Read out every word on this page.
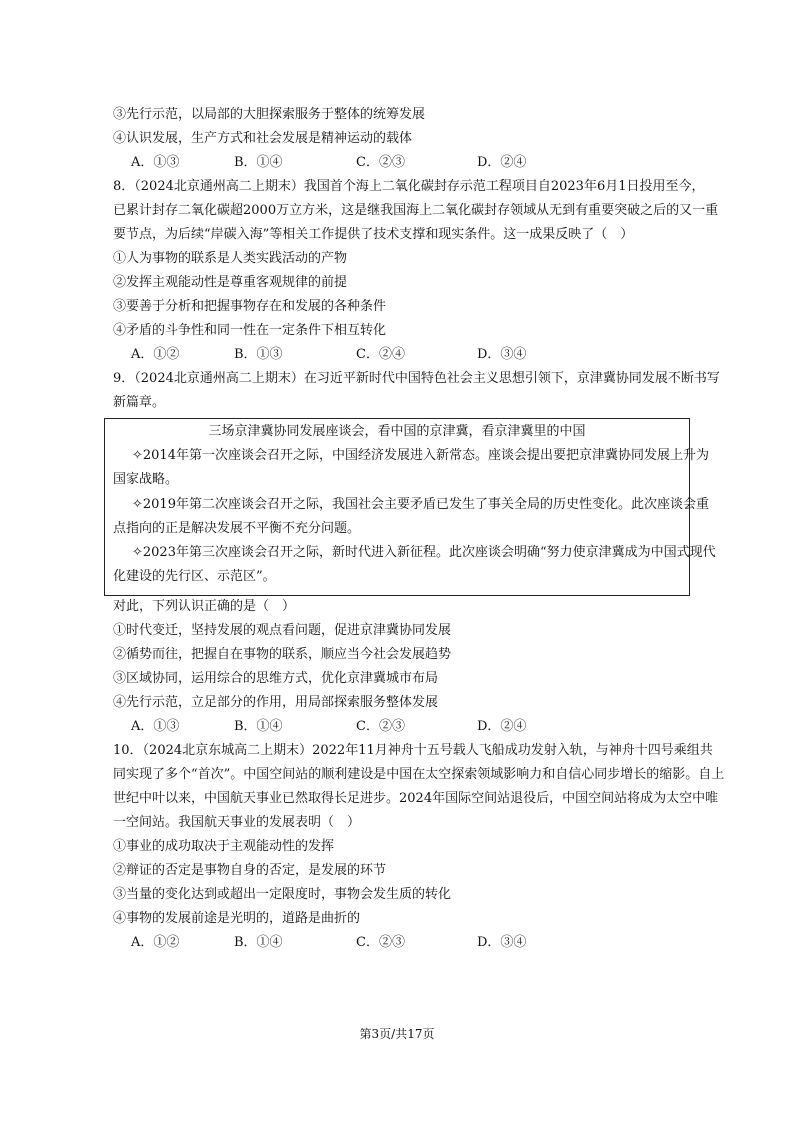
③先行示范，以局部的大胆探索服务于整体的统筹发展
④认识发展，生产方式和社会发展是精神运动的载体
A．①③	B．①④	C．②③	D．②④
8．（2024北京通州高二上期末）我国首个海上二氧化碳封存示范工程项目自2023年6月1日投用至今，
已累计封存二氧化碳超2000万立方米，这是继我国海上二氧化碳封存领域从无到有重要突破之后的又一重
要节点，为后续“岸碳入海”等相关工作提供了技术支撑和现实条件。这一成果反映了（　）
①人为事物的联系是人类实践活动的产物
②发挥主观能动性是尊重客观规律的前提
③要善于分析和把握事物存在和发展的各种条件
④矛盾的斗争性和同一性在一定条件下相互转化
A．①②	B．①③	C．②④	D．③④
9．（2024北京通州高二上期末）在习近平新时代中国特色社会主义思想引领下，京津冀协同发展不断书写
新篇章。
三场京津冀协同发展座谈会，看中国的京津冀，看京津冀里的中国
✧2014年第一次座谈会召开之际，中国经济发展进入新常态。座谈会提出要把京津冀协同发展上升为
国家战略。
✧2019年第二次座谈会召开之际，我国社会主要矛盾已发生了事关全局的历史性变化。此次座谈会重
点指向的正是解决发展不平衡不充分问题。
✧2023年第三次座谈会召开之际，新时代进入新征程。此次座谈会明确“努力使京津冀成为中国式现代
化建设的先行区、示范区”。
对此，下列认识正确的是（　）
①时代变迁，坚持发展的观点看问题，促进京津冀协同发展
②循势而往，把握自在事物的联系，顺应当今社会发展趋势
③区域协同，运用综合的思维方式，优化京津冀城市布局
④先行示范，立足部分的作用，用局部探索服务整体发展
A．①③	B．①④	C．②③	D．②④
10．（2024北京东城高二上期末）2022年11月神舟十五号载人飞船成功发射入轨，与神舟十四号乘组共
同实现了多个“首次”。中国空间站的顺利建设是中国在太空探索领域影响力和自信心同步增长的缩影。自上
世纪中叶以来，中国航天事业已然取得长足进步。2024年国际空间站退役后，中国空间站将成为太空中唯
一空间站。我国航天事业的发展表明（　）
①事业的成功取决于主观能动性的发挥
②辩证的否定是事物自身的否定，是发展的环节
③当量的变化达到或超出一定限度时，事物会发生质的转化
④事物的发展前途是光明的，道路是曲折的
A．①②	B．①④	C．②③	D．③④
第3页/共17页
